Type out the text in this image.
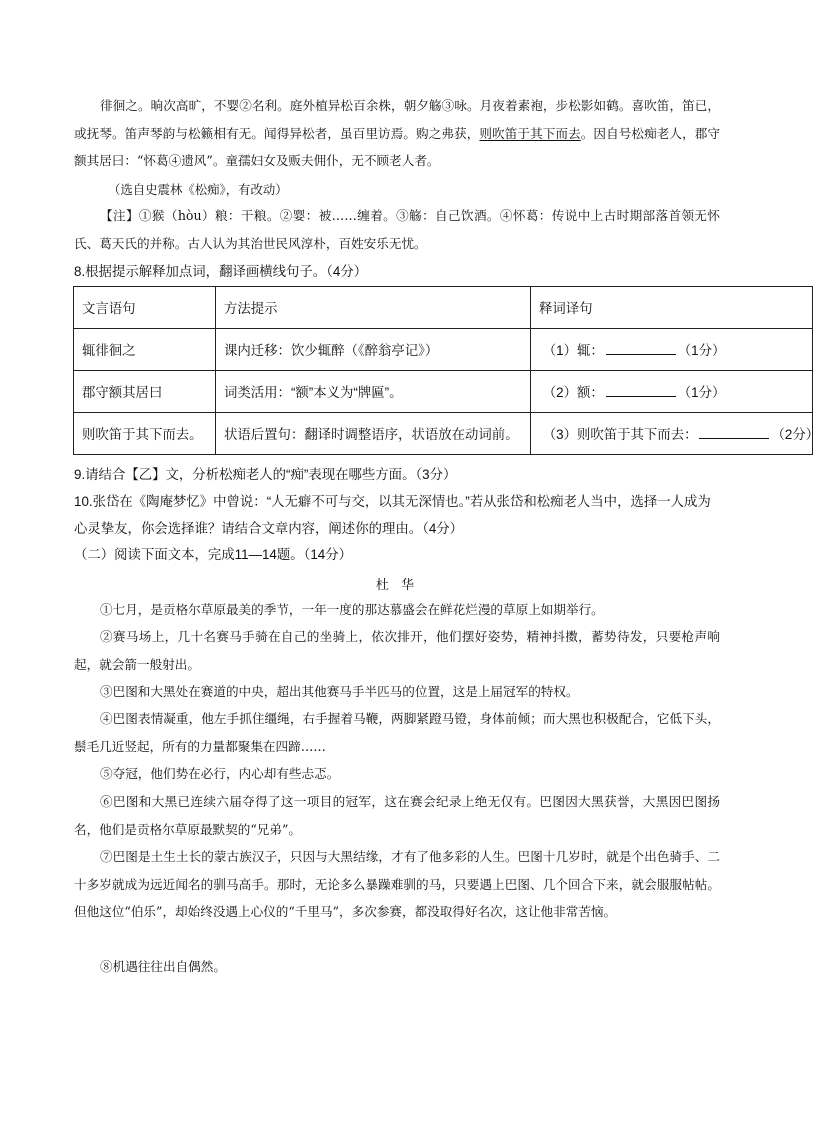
徘徊之。晌次高旷，不婴②名利。庭外植异松百余株，朝夕觞③咏。月夜着素袍，步松影如鹤。喜吹笛，笛已，或抚琴。笛声琴韵与松籁相有无。闻得异松者，虽百里访焉。购之弗获，则吹笛于其下而去。因自号松痴老人，郡守额其居曰：“怀葛④遗风”。童孺妇女及贩夫佣仆，无不顾老人者。

（选自史震林《松痴》，有改动）

【注】①猴（hòu）粮：干粮。②婴：被……缠着。③觞：自己饮酒。④怀葛：传说中上古时期部落首领无怀氏、葛天氏的并称。古人认为其治世民风淳朴，百姓安乐无忧。

8.根据提示解释加点词，翻译画横线句子。（4分）

文言语句	方法提示	释词译句
辄徘徊之	课内迁移：饮少辄醉（《醉翁亭记》）	（1）辄： （1分）
郡守额其居曰	词类活用：“额”本义为“牌匾”。	（2）额： （1分）
则吹笛于其下而去。	状语后置句：翻译时调整语序，状语放在动词前。	（3）则吹笛于其下而去： （2分）

9.请结合【乙】文，分析松痴老人的“痴”表现在哪些方面。（3分）

10.张岱在《陶庵梦忆》中曾说：“人无癖不可与交，以其无深情也。”若从张岱和松痴老人当中，选择一人成为心灵挚友，你会选择谁？请结合文章内容，阐述你的理由。（4分）

（二）阅读下面文本，完成11—14题。（14分）

杜 华

①七月，是贡格尔草原最美的季节，一年一度的那达慕盛会在鲜花烂漫的草原上如期举行。

②赛马场上，几十名赛马手骑在自己的坐骑上，依次排开，他们摆好姿势，精神抖擞，蓄势待发，只要枪声响起，就会箭一般射出。

③巴图和大黑处在赛道的中央，超出其他赛马手半匹马的位置，这是上届冠军的特权。

④巴图表情凝重，他左手抓住缰绳，右手握着马鞭，两脚紧蹬马镫，身体前倾；而大黑也积极配合，它低下头，鬃毛几近竖起，所有的力量都聚集在四蹄……

⑤夺冠，他们势在必行，内心却有些忐忑。

⑥巴图和大黑已连续六届夺得了这一项目的冠军，这在赛会纪录上绝无仅有。巴图因大黑获誉，大黑因巴图扬名，他们是贡格尔草原最默契的“兄弟”。

⑦巴图是土生土长的蒙古族汉子，只因与大黑结缘，才有了他多彩的人生。巴图十几岁时，就是个出色骑手、二十多岁就成为远近闻名的驯马高手。那时，无论多么暴躁难驯的马，只要遇上巴图、几个回合下来，就会服服帖帖。但他这位“伯乐”，却始终没遇上心仪的“千里马”，多次参赛，都没取得好名次，这让他非常苦恼。

⑧机遇往往出自偶然。
